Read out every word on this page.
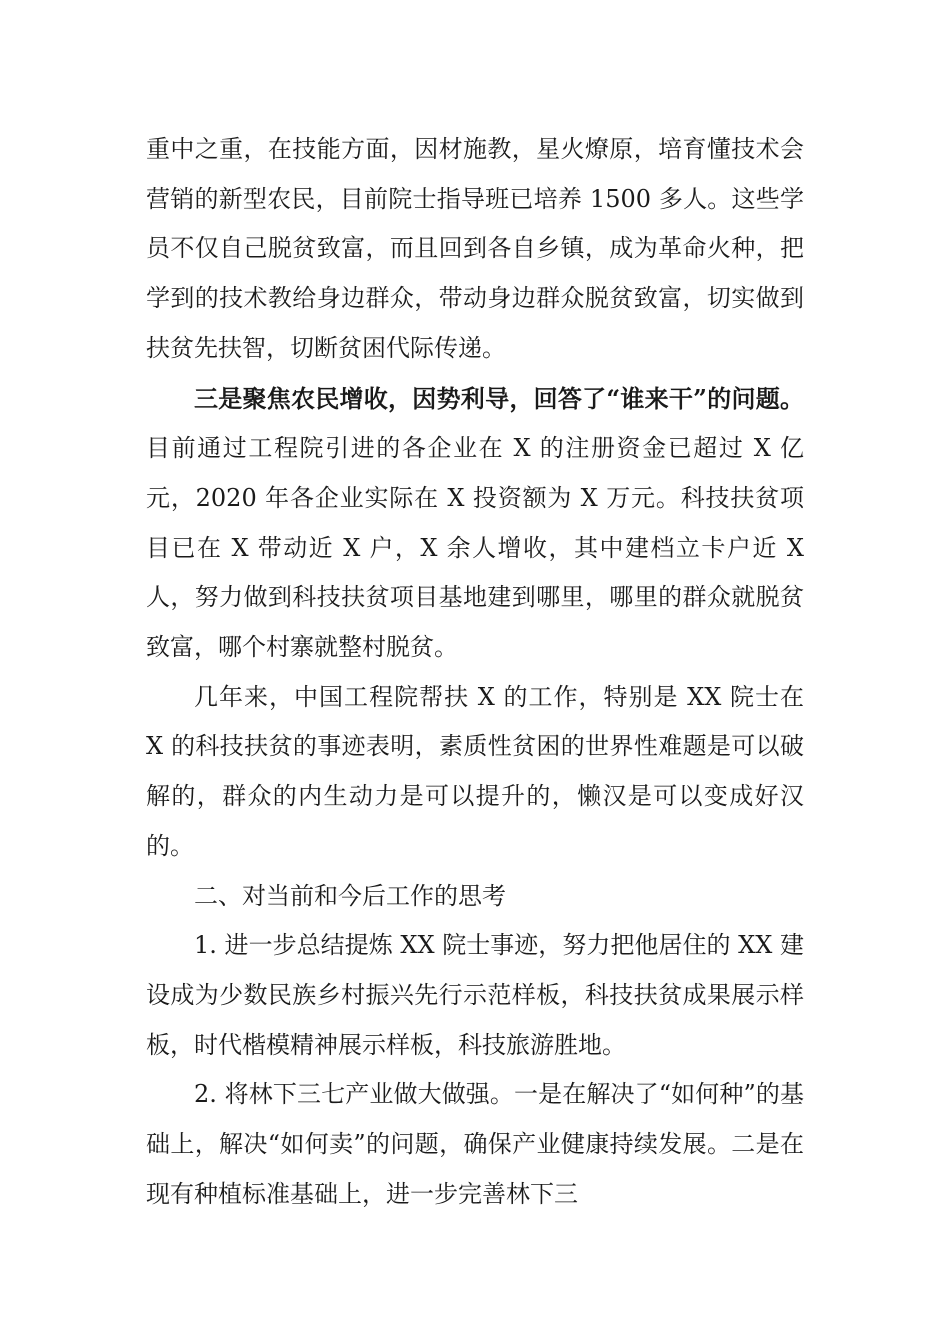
重中之重，在技能方面，因材施教，星火燎原，培育懂技术会营销的新型农民，目前院士指导班已培养 1500 多人。这些学员不仅自己脱贫致富，而且回到各自乡镇，成为革命火种，把学到的技术教给身边群众，带动身边群众脱贫致富，切实做到扶贫先扶智，切断贫困代际传递。

三是聚焦农民增收，因势利导，回答了“谁来干”的问题。目前通过工程院引进的各企业在 X 的注册资金已超过 X 亿元，2020 年各企业实际在 X 投资额为 X 万元。科技扶贫项目已在 X 带动近 X 户，X 余人增收，其中建档立卡户近 X 人，努力做到科技扶贫项目基地建到哪里，哪里的群众就脱贫致富，哪个村寨就整村脱贫。

几年来，中国工程院帮扶 X 的工作，特别是 XX 院士在 X 的科技扶贫的事迹表明，素质性贫困的世界性难题是可以破解的，群众的内生动力是可以提升的，懒汉是可以变成好汉的。

二、对当前和今后工作的思考

1. 进一步总结提炼 XX 院士事迹，努力把他居住的 XX 建设成为少数民族乡村振兴先行示范样板，科技扶贫成果展示样板，时代楷模精神展示样板，科技旅游胜地。

2. 将林下三七产业做大做强。一是在解决了“如何种”的基础上，解决“如何卖”的问题，确保产业健康持续发展。二是在现有种植标准基础上，进一步完善林下三
